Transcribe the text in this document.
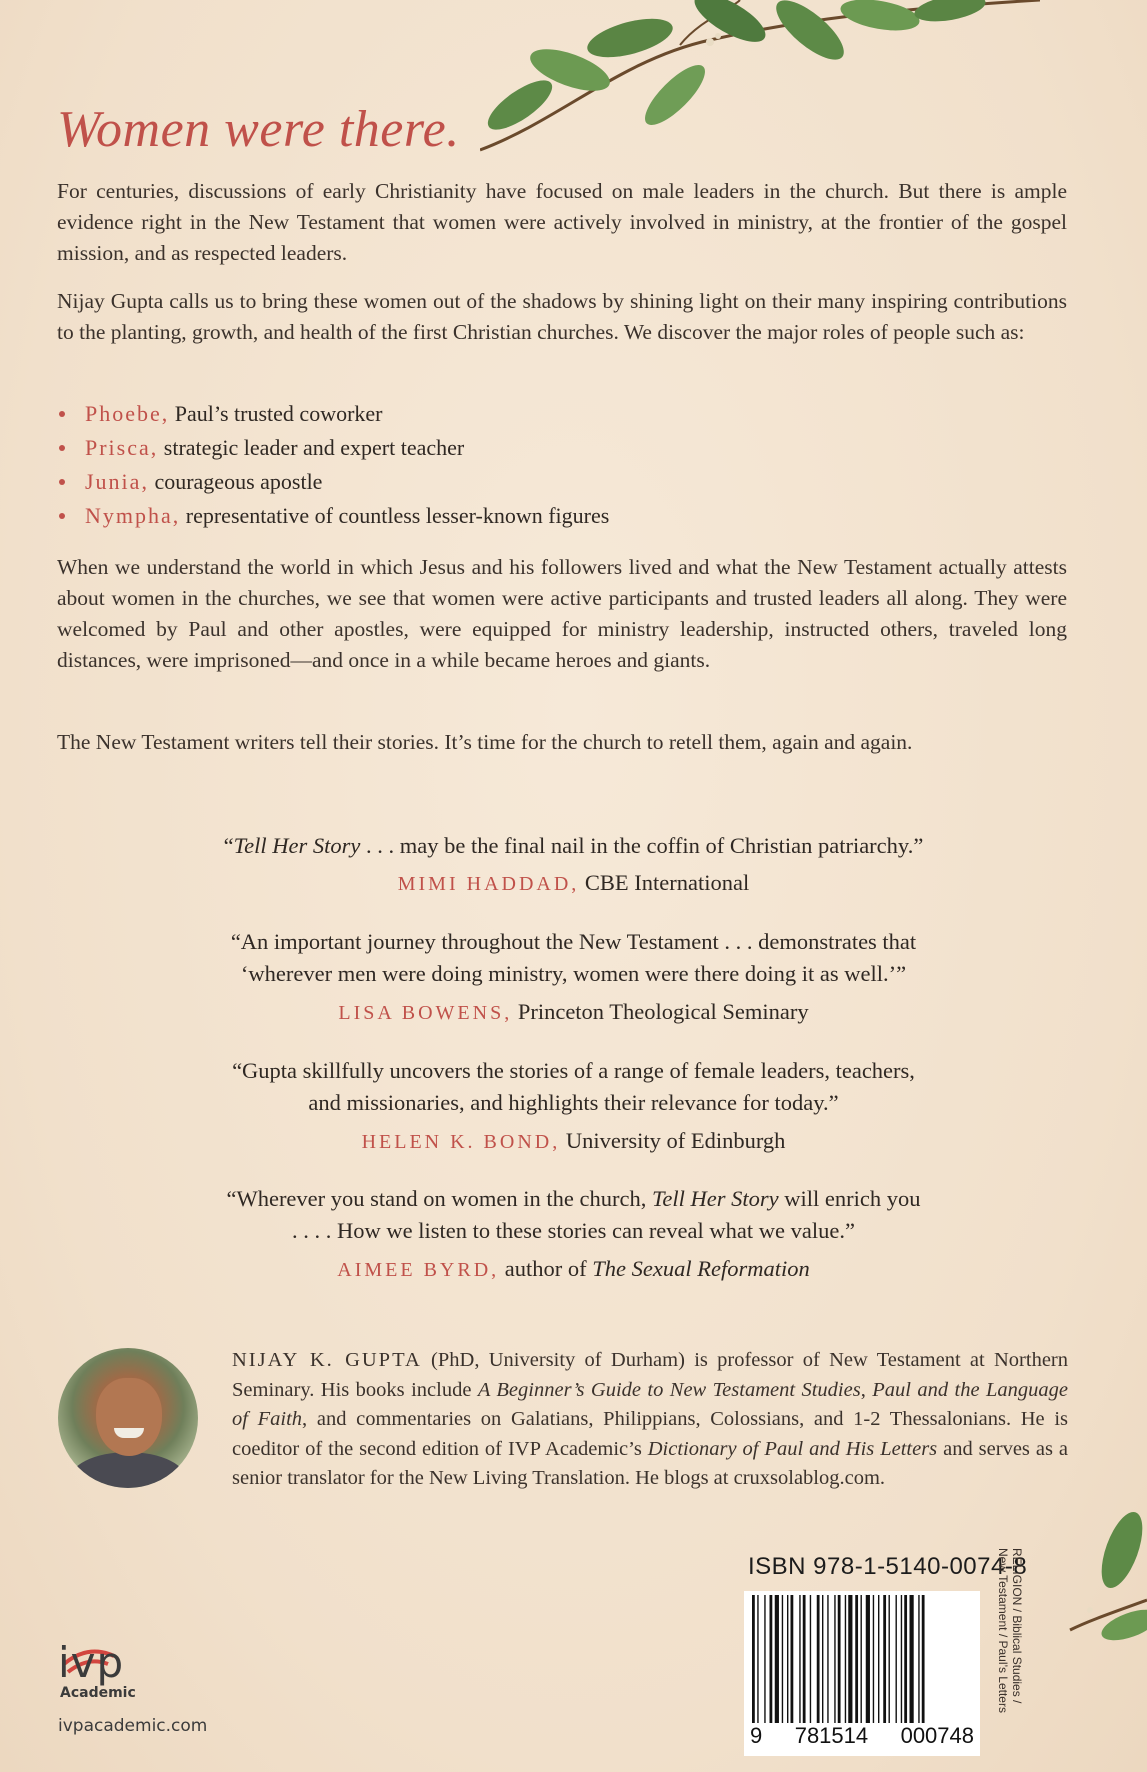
Women were there.

For centuries, discussions of early Christianity have focused on male leaders in the church. But there is ample evidence right in the New Testament that women were actively involved in ministry, at the frontier of the gospel mission, and as respected leaders.

Nijay Gupta calls us to bring these women out of the shadows by shining light on their many inspiring contributions to the planting, growth, and health of the first Christian churches. We discover the major roles of people such as:

Phoebe, Paul’s trusted coworker
Prisca, strategic leader and expert teacher
Junia, courageous apostle
Nympha, representative of countless lesser-known figures

When we understand the world in which Jesus and his followers lived and what the New Testament actually attests about women in the churches, we see that women were active participants and trusted leaders all along. They were welcomed by Paul and other apostles, were equipped for ministry leadership, instructed others, traveled long distances, were imprisoned—and once in a while became heroes and giants.

The New Testament writers tell their stories. It’s time for the church to retell them, again and again.

“Tell Her Story . . . may be the final nail in the coffin of Christian patriarchy.”

MIMI HADDAD, CBE International

“An important journey throughout the New Testament . . . demonstrates that
‘wherever men were doing ministry, women were there doing it as well.’”

LISA BOWENS, Princeton Theological Seminary

“Gupta skillfully uncovers the stories of a range of female leaders, teachers,
and missionaries, and highlights their relevance for today.”

HELEN K. BOND, University of Edinburgh

“Wherever you stand on women in the church, Tell Her Story will enrich you
. . . . How we listen to these stories can reveal what we value.”

AIMEE BYRD, author of The Sexual Reformation

NIJAY K. GUPTA (PhD, University of Durham) is professor of New Testament at Northern Seminary. His books include A Beginner’s Guide to New Testament Studies, Paul and the Language of Faith, and commentaries on Galatians, Philippians, Colossians, and 1-2 Thessalonians. He is coeditor of the second edition of IVP Academic’s Dictionary of Paul and His Letters and serves as a senior translator for the New Living Translation. He blogs at cruxsolablog.com.

ISBN 978-1-5140-0074-8

9 781514 000748
RELIGION / Biblical Studies /
New Testament / Paul’s Letters

ivp

Academic

ivpacademic.com
